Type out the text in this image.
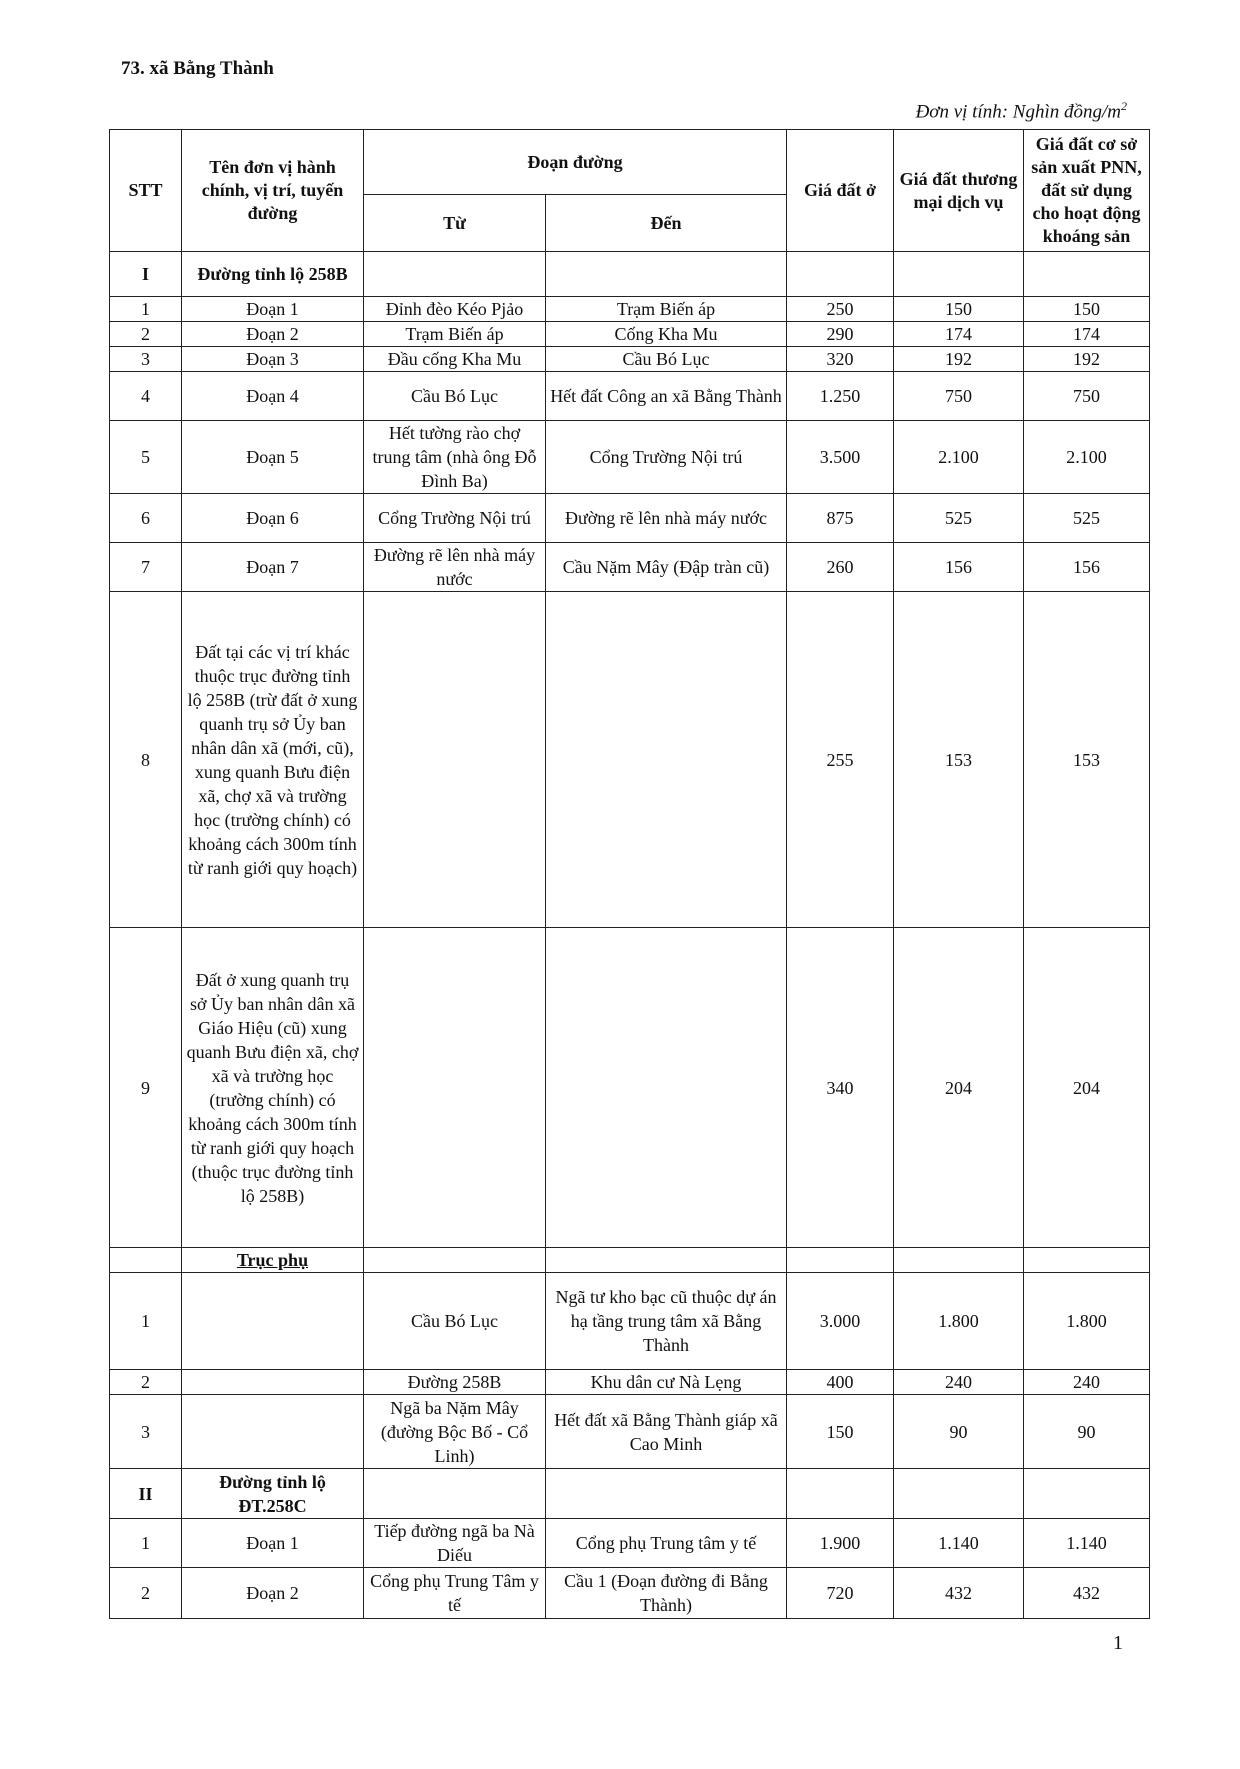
73. xã Bằng Thành
Đơn vị tính: Nghìn đồng/$m^2$
STT	Tên đơn vị hành chính, vị trí, tuyến đường	Đoạn đường		Giá đất ở	Giá đất thương mại dịch vụ	Giá đất cơ sở sản xuất PNN, đất sử dụng cho hoạt động khoáng sản
		Từ	Đến			
I	Đường tỉnh lộ 258B					
1	Đoạn 1	Đỉnh đèo Kéo Pjảo	Trạm Biến áp	250	150	150
2	Đoạn 2	Trạm Biến áp	Cống Kha Mu	290	174	174
3	Đoạn 3	Đầu cống Kha Mu	Cầu Bó Lục	320	192	192
4	Đoạn 4	Cầu Bó Lục	Hết đất Công an xã Bằng Thành	1.250	750	750
5	Đoạn 5	Hết tường rào chợ trung tâm (nhà ông Đỗ Đình Ba)	Cổng Trường Nội trú	3.500	2.100	2.100
6	Đoạn 6	Cổng Trường Nội trú	Đường rẽ lên nhà máy nước	875	525	525
7	Đoạn 7	Đường rẽ lên nhà máy nước	Cầu Nặm Mây (Đập tràn cũ)	260	156	156
8	Đất tại các vị trí khác thuộc trục đường tỉnh lộ 258B (trừ đất ở xung quanh trụ sở Ủy ban nhân dân xã (mới, cũ), xung quanh Bưu điện xã, chợ xã và trường học (trường chính) có khoảng cách 300m tính từ ranh giới quy hoạch)			255	153	153
9	Đất ở xung quanh trụ sở Ủy ban nhân dân xã Giáo Hiệu (cũ) xung quanh Bưu điện xã, chợ xã và trường học (trường chính) có khoảng cách 300m tính từ ranh giới quy hoạch (thuộc trục đường tỉnh lộ 258B)			340	204	204
	Trục phụ					
1		Cầu Bó Lục	Ngã tư kho bạc cũ thuộc dự án hạ tầng trung tâm xã Bằng Thành	3.000	1.800	1.800
2		Đường 258B	Khu dân cư Nà Lẹng	400	240	240
3		Ngã ba Nặm Mây (đường Bộc Bố - Cổ Linh)	Hết đất xã Bằng Thành giáp xã Cao Minh	150	90	90
II	Đường tỉnh lộ ĐT.258C					
1	Đoạn 1	Tiếp đường ngã ba Nà Diếu	Cổng phụ Trung tâm y tế	1.900	1.140	1.140
2	Đoạn 2	Cổng phụ Trung Tâm y tế	Cầu 1 (Đoạn đường đi Bằng Thành)	720	432	432
1
